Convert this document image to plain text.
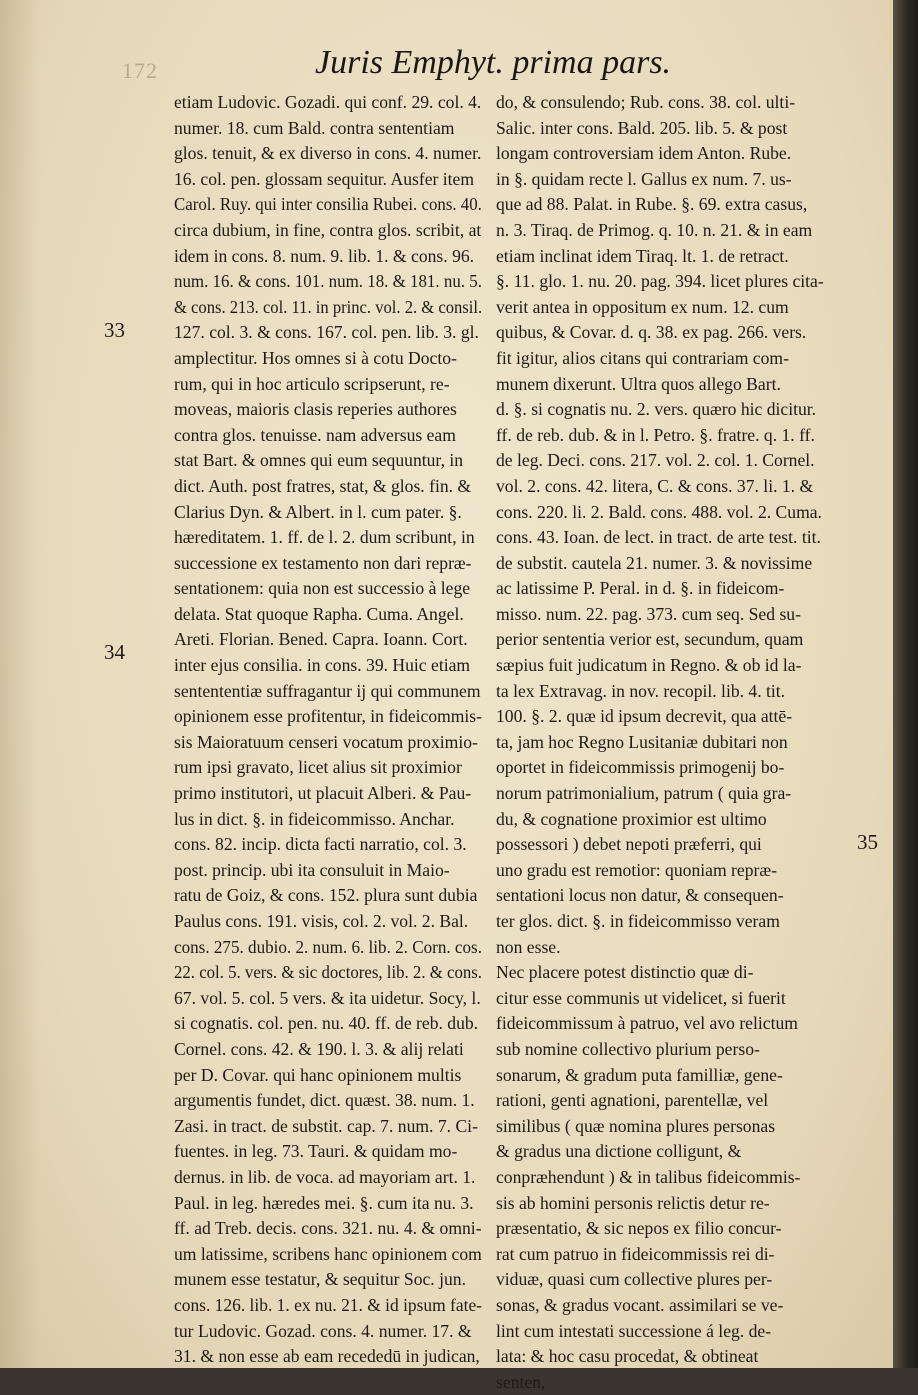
172	Juris Emphyt. prima pars.
etiam Ludovic. Gozadi. qui conf. 29. col. 4.
numer. 18. cum Bald. contra sententiam
glos. tenuit, & ex diverso in cons. 4. numer.
16. col. pen. glossam sequitur. Ausfer item
Carol. Ruy. qui inter consilia Rubei. cons. 40.
circa dubium, in fine, contra glos. scribit, at
idem in cons. 8. num. 9. lib. 1. & cons. 96.
num. 16. & cons. 101. num. 18. & 181. nu. 5.
& cons. 213. col. 11. in princ. vol. 2. & consil.
127. col. 3. & cons. 167. col. pen. lib. 3. gl.
amplectitur. Hos omnes si à cotu Docto-
rum, qui in hoc articulo scripserunt, re-
moveas, maioris clasis reperies authores
contra glos. tenuisse. nam adversus eam
stat Bart. & omnes qui eum sequuntur, in
dict. Auth. post fratres, stat, & glos. fin. &
Clarius Dyn. & Albert. in l. cum pater. §.
hæreditatem. 1. ff. de l. 2. dum scribunt, in
successione ex testamento non dari repræ-
sentationem: quia non est successio à lege
delata. Stat quoque Rapha. Cuma. Angel.
Areti. Florian. Bened. Capra. Ioann. Cort.
inter ejus consilia. in cons. 39. Huic etiam
sentententiæ suffragantur ij qui communem
opinionem esse profitentur, in fideicommis-
sis Maioratuum censeri vocatum proximio-
rum ipsi gravato, licet alius sit proximior
primo institutori, ut placuit Alberi. & Pau-
lus in dict. §. in fideicommisso. Anchar.
cons. 82. incip. dicta facti narratio, col. 3.
post. princip. ubi ita consuluit in Maio-
ratu de Goiz, & cons. 152. plura sunt dubia
Paulus cons. 191. visis, col. 2. vol. 2. Bal.
cons. 275. dubio. 2. num. 6. lib. 2. Corn. cos.
22. col. 5. vers. & sic doctores, lib. 2. & cons.
67. vol. 5. col. 5 vers. & ita uidetur. Socy, l.
si cognatis. col. pen. nu. 40. ff. de reb. dub.
Cornel. cons. 42. & 190. l. 3. & alij relati
per D. Covar. qui hanc opinionem multis
argumentis fundet, dict. quæst. 38. num. 1.
Zasi. in tract. de substit. cap. 7. num. 7. Ci-
fuentes. in leg. 73. Tauri. & quidam mo-
dernus. in lib. de voca. ad mayoriam art. 1.
Paul. in leg. hæredes mei. §. cum ita nu. 3.
ff. ad Treb. decis. cons. 321. nu. 4. & omni-
um latissime, scribens hanc opinionem com
munem esse testatur, & sequitur Soc. jun.
cons. 126. lib. 1. ex nu. 21. & id ipsum fate-
tur Ludovic. Gozad. cons. 4. numer. 17. &
31. & non esse ab eam recededū in judican,
do, & consulendo; Rub. cons. 38. col. ulti-
Salic. inter cons. Bald. 205. lib. 5. & post
longam controversiam idem Anton. Rube.
in §. quidam recte l. Gallus ex num. 7. us-
que ad 88. Palat. in Rube. §. 69. extra casus,
n. 3. Tiraq. de Primog. q. 10. n. 21. & in eam
etiam inclinat idem Tiraq. lt. 1. de retract.
§. 11. glo. 1. nu. 20. pag. 394. licet plures cita-
verit antea in oppositum ex num. 12. cum
quibus, & Covar. d. q. 38. ex pag. 266. vers.
fit igitur, alios citans qui contrariam com-
munem dixerunt. Ultra quos allego Bart.
d. §. si cognatis nu. 2. vers. quæro hic dicitur.
ff. de reb. dub. & in l. Petro. §. fratre. q. 1. ff.
de leg. Deci. cons. 217. vol. 2. col. 1. Cornel.
vol. 2. cons. 42. litera, C. & cons. 37. li. 1. &
cons. 220. li. 2. Bald. cons. 488. vol. 2. Cuma.
cons. 43. Ioan. de lect. in tract. de arte test. tit.
de substit. cautela 21. numer. 3. & novissime
ac latissime P. Peral. in d. §. in fideicom-
misso. num. 22. pag. 373. cum seq. Sed su-
perior sententia verior est, secundum, quam
sæpius fuit judicatum in Regno. & ob id la-
ta lex Extravag. in nov. recopil. lib. 4. tit.
100. §. 2. quæ id ipsum decrevit, qua attē-
ta, jam hoc Regno Lusitaniæ dubitari non
oportet in fideicommissis primogenij bo-
norum patrimonialium, patrum ( quia gra-
du, & cognatione proximior est ultimo
possessori ) debet nepoti præferri, qui
uno gradu est remotior: quoniam repræ-
sentationi locus non datur, & consequen-
ter glos. dict. §. in fideicommisso veram
non esse.
Nec placere potest distinctio quæ di-
citur esse communis ut videlicet, si fuerit
fideicommissum à patruo, vel avo relictum
sub nomine collectivo plurium perso-
sonarum, & gradum puta familliæ, gene-
rationi, genti agnationi, parentellæ, vel
similibus ( quæ nomina plures personas
& gradus una dictione colligunt, &
conpræhendunt ) & in talibus fideicommis-
sis ab homini personis relictis detur re-
præsentatio, & sic nepos ex filio concur-
rat cum patruo in fideicommissis rei di-
viduæ, quasi cum collective plures per-
sonas, & gradus vocant. assimilari se ve-
lint cum intestati successione á leg. de-
lata: & hoc casu procedat, & obtineat
senten,
33
34
35
